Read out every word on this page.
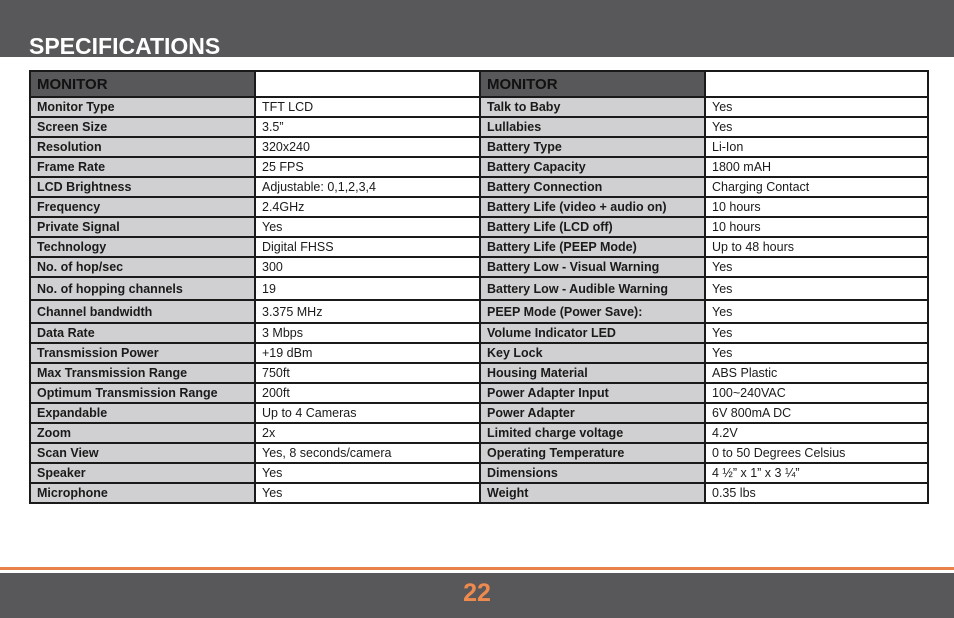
SPECIFICATIONS
MONITOR		MONITOR	
Monitor Type	TFT LCD	Talk to Baby	Yes
Screen Size	3.5”	Lullabies	Yes
Resolution	320x240	Battery Type	Li-Ion
Frame Rate	25 FPS	Battery Capacity	1800 mAH
LCD Brightness	Adjustable: 0,1,2,3,4	Battery Connection	Charging Contact
Frequency	2.4GHz	Battery Life (video + audio on)	10 hours
Private Signal	Yes	Battery Life (LCD off)	10 hours
Technology	Digital FHSS	Battery Life (PEEP Mode)	Up to 48 hours
No. of hop/sec	300	Battery Low - Visual Warning	Yes
No. of hopping channels	19	Battery Low - Audible Warning	Yes
Channel bandwidth	3.375 MHz	PEEP Mode (Power Save):	Yes
Data Rate	3 Mbps	Volume Indicator LED	Yes
Transmission Power	+19 dBm	Key Lock	Yes
Max Transmission Range	750ft	Housing Material	ABS Plastic
Optimum Transmission Range	200ft	Power Adapter Input	100~240VAC
Expandable	Up to 4 Cameras	Power Adapter	6V 800mA DC
Zoom	2x	Limited charge voltage	4.2V
Scan View	Yes, 8 seconds/camera	Operating Temperature	0 to 50 Degrees Celsius
Speaker	Yes	Dimensions	4 ½” x 1” x 3 ¼”
Microphone	Yes	Weight	0.35 lbs
22
